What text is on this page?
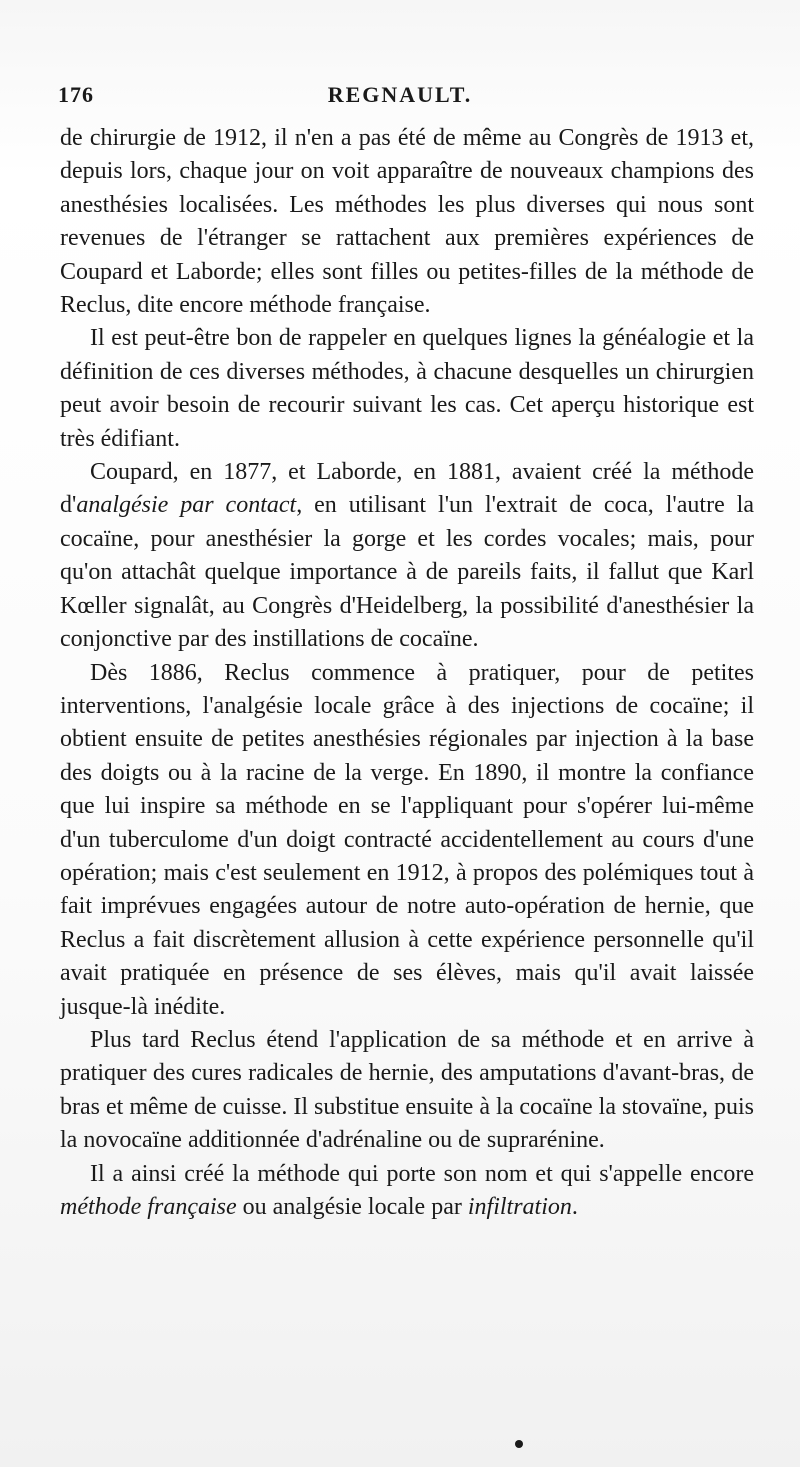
176	REGNAULT.

de chirurgie de 1912, il n'en a pas été de même au Congrès de 1913 et, depuis lors, chaque jour on voit apparaître de nouveaux champions des anesthésies localisées. Les méthodes les plus diverses qui nous sont revenues de l'étranger se rattachent aux premières expériences de Coupard et Laborde; elles sont filles ou petites-filles de la méthode de Reclus, dite encore méthode française.

Il est peut-être bon de rappeler en quelques lignes la généalogie et la définition de ces diverses méthodes, à chacune desquelles un chirurgien peut avoir besoin de recourir suivant les cas. Cet aperçu historique est très édifiant.

Coupard, en 1877, et Laborde, en 1881, avaient créé la méthode d'analgésie par contact, en utilisant l'un l'extrait de coca, l'autre la cocaïne, pour anesthésier la gorge et les cordes vocales; mais, pour qu'on attachât quelque importance à de pareils faits, il fallut que Karl Kœller signalât, au Congrès d'Heidelberg, la possibilité d'anesthésier la conjonctive par des instillations de cocaïne.

Dès 1886, Reclus commence à pratiquer, pour de petites interventions, l'analgésie locale grâce à des injections de cocaïne; il obtient ensuite de petites anesthésies régionales par injection à la base des doigts ou à la racine de la verge. En 1890, il montre la confiance que lui inspire sa méthode en se l'appliquant pour s'opérer lui-même d'un tuberculome d'un doigt contracté accidentellement au cours d'une opération; mais c'est seulement en 1912, à propos des polémiques tout à fait imprévues engagées autour de notre auto-opération de hernie, que Reclus a fait discrètement allusion à cette expérience personnelle qu'il avait pratiquée en présence de ses élèves, mais qu'il avait laissée jusque-là inédite.

Plus tard Reclus étend l'application de sa méthode et en arrive à pratiquer des cures radicales de hernie, des amputations d'avant-bras, de bras et même de cuisse. Il substitue ensuite à la cocaïne la stovaïne, puis la novocaïne additionnée d'adrénaline ou de suprarénine.

Il a ainsi créé la méthode qui porte son nom et qui s'appelle encore méthode française ou analgésie locale par infiltration.
